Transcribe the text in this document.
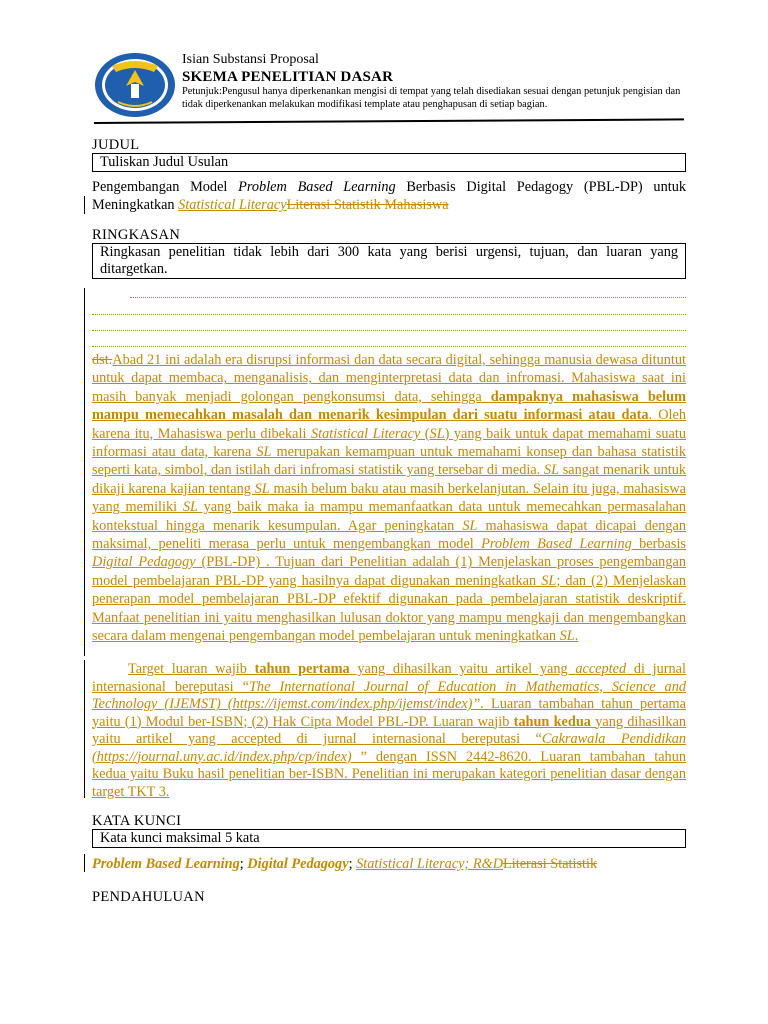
Isian Substansi Proposal
SKEMA PENELITIAN DASAR
Petunjuk:Pengusul hanya diperkenankan mengisi di tempat yang telah disediakan sesuai dengan petunjuk pengisian dan tidak diperkenankan melakukan modifikasi template atau penghapusan di setiap bagian.
JUDUL
Tuliskan Judul Usulan

Pengembangan Model Problem Based Learning Berbasis Digital Pedagogy (PBL-DP) untuk Meningkatkan Statistical LiteracyLiterasi Statistik Mahasiswa

RINGKASAN
Ringkasan penelitian tidak lebih dari 300 kata yang berisi urgensi, tujuan, dan luaran yang ditargetkan.

dst.Abad 21 ini adalah era disrupsi informasi dan data secara digital, sehingga manusia dewasa dituntut untuk dapat membaca, menganalisis, dan menginterpretasi data dan infromasi. Mahasiswa saat ini masih banyak menjadi golongan pengkonsumsi data, sehingga dampaknya mahasiswa belum mampu memecahkan masalah dan menarik kesimpulan dari suatu informasi atau data. Oleh karena itu, Mahasiswa perlu dibekali Statistical Literacy (SL) yang baik untuk dapat memahami suatu informasi atau data, karena SL merupakan kemampuan untuk memahami konsep dan bahasa statistik seperti kata, simbol, dan istilah dari infromasi statistik yang tersebar di media. SL sangat menarik untuk dikaji karena kajian tentang SL masih belum baku atau masih berkelanjutan. Selain itu juga, mahasiswa yang memiliki SL yang baik maka ia mampu memanfaatkan data untuk memecahkan permasalahan kontekstual hingga menarik kesumpulan. Agar peningkatan SL mahasiswa dapat dicapai dengan maksimal, peneliti merasa perlu untuk mengembangkan model Problem Based Learning berbasis Digital Pedagogy (PBL-DP) . Tujuan dari Penelitian adalah (1) Menjelaskan proses pengembangan model pembelajaran PBL-DP yang hasilnya dapat digunakan meningkatkan SL; dan (2) Menjelaskan penerapan model pembelajaran PBL-DP efektif digunakan pada pembelajaran statistik deskriptif. Manfaat penelitian ini yaitu menghasilkan lulusan doktor yang mampu mengkaji dan mengembangkan secara dalam mengenai pengembangan model pembelajaran untuk meningkatkan SL.

Target luaran wajib tahun pertama yang dihasilkan yaitu artikel yang accepted di jurnal internasional bereputasi “The International Journal of Education in Mathematics, Science and Technology (IJEMST) (https://ijemst.com/index.php/ijemst/index)”. Luaran tambahan tahun pertama yaitu (1) Modul ber-ISBN; (2) Hak Cipta Model PBL-DP. Luaran wajib tahun kedua yang dihasilkan yaitu artikel yang accepted di jurnal internasional bereputasi “Cakrawala Pendidikan (https://journal.uny.ac.id/index.php/cp/index) ” dengan ISSN 2442-8620. Luaran tambahan tahun kedua yaitu Buku hasil penelitian ber-ISBN. Penelitian ini merupakan kategori penelitian dasar dengan target TKT 3.

KATA KUNCI
Kata kunci maksimal 5 kata

Problem Based Learning; Digital Pedagogy; Statistical Literacy; R&DLiterasi Statistik

PENDAHULUAN
